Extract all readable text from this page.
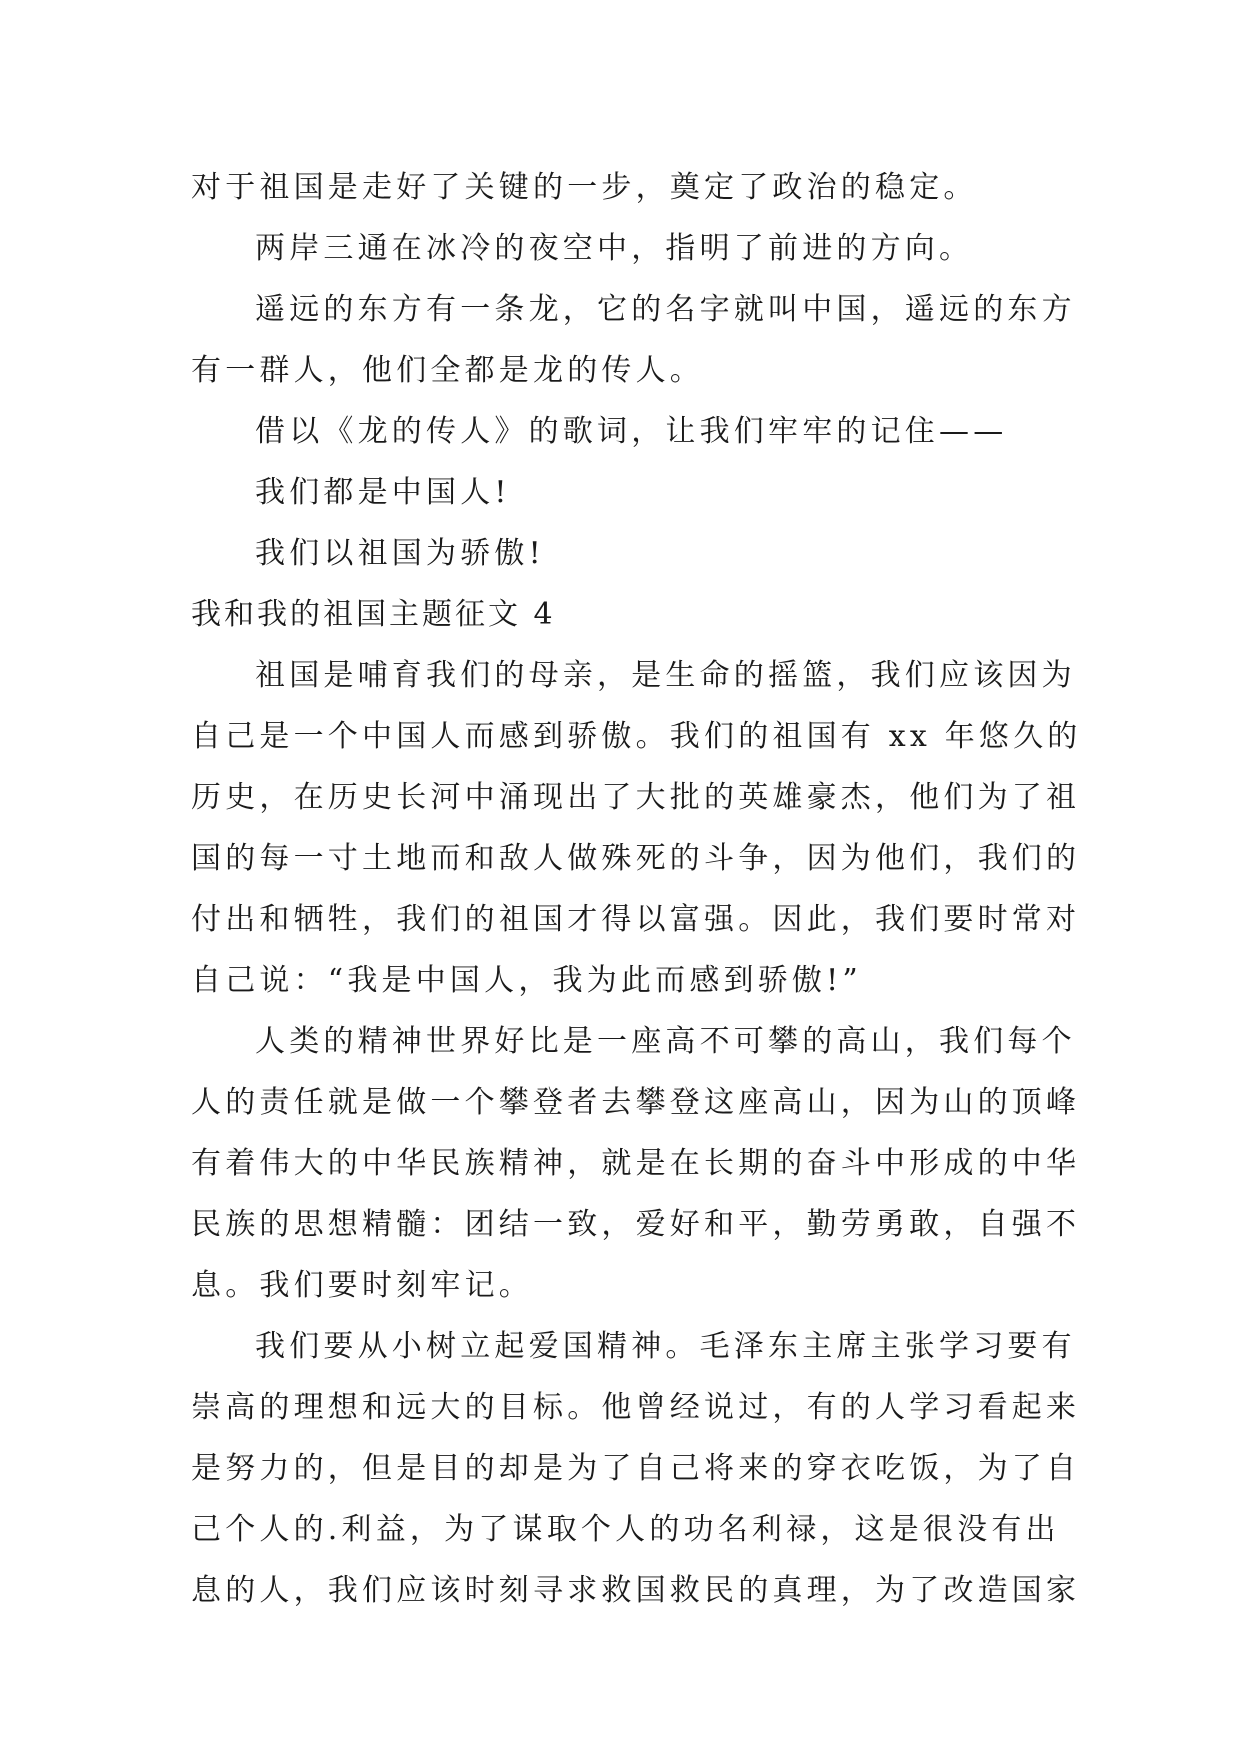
对于祖国是走好了关键的一步，奠定了政治的稳定。
两岸三通在冰冷的夜空中，指明了前进的方向。
遥远的东方有一条龙，它的名字就叫中国，遥远的东方
有一群人，他们全都是龙的传人。
借以《龙的传人》的歌词，让我们牢牢的记住——
我们都是中国人!
我们以祖国为骄傲!
我和我的祖国主题征文 4
祖国是哺育我们的母亲，是生命的摇篮，我们应该因为
自己是一个中国人而感到骄傲。我们的祖国有 xx 年悠久的
历史，在历史长河中涌现出了大批的英雄豪杰，他们为了祖
国的每一寸土地而和敌人做殊死的斗争，因为他们，我们的
付出和牺牲，我们的祖国才得以富强。因此，我们要时常对
自己说：“我是中国人，我为此而感到骄傲!”
人类的精神世界好比是一座高不可攀的高山，我们每个
人的责任就是做一个攀登者去攀登这座高山，因为山的顶峰
有着伟大的中华民族精神，就是在长期的奋斗中形成的中华
民族的思想精髓：团结一致，爱好和平，勤劳勇敢，自强不
息。我们要时刻牢记。
我们要从小树立起爱国精神。毛泽东主席主张学习要有
崇高的理想和远大的目标。他曾经说过，有的人学习看起来
是努力的，但是目的却是为了自己将来的穿衣吃饭，为了自
己个人的.利益，为了谋取个人的功名利禄，这是很没有出
息的人，我们应该时刻寻求救国救民的真理，为了改造国家
